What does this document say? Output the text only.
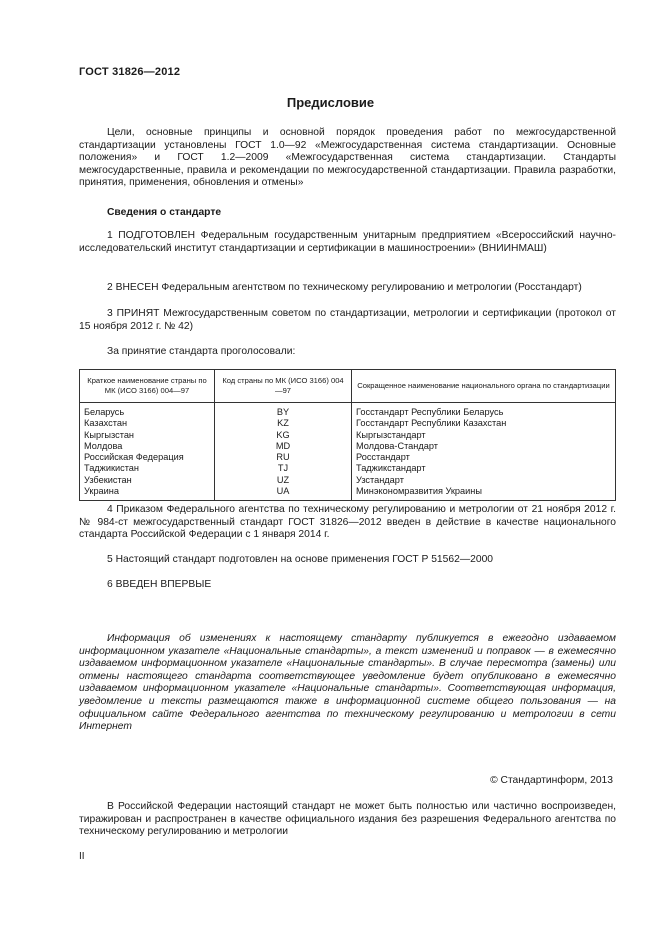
ГОСТ 31826—2012
Предисловие
Цели, основные принципы и основной порядок проведения работ по межгосударственной стандартизации установлены ГОСТ 1.0—92 «Межгосударственная система стандартизации. Основные положения» и ГОСТ 1.2—2009 «Межгосударственная система стандартизации. Стандарты межгосударственные, правила и рекомендации по межгосударственной стандартизации. Правила разработки, принятия, применения, обновления и отмены»
Сведения о стандарте
1 ПОДГОТОВЛЕН Федеральным государственным унитарным предприятием «Всероссийский научно-исследовательский институт стандартизации и сертификации в машиностроении» (ВНИИНМАШ)
2 ВНЕСЕН Федеральным агентством по техническому регулированию и метрологии (Росстандарт)
3 ПРИНЯТ Межгосударственным советом по стандартизации, метрологии и сертификации (протокол от 15 ноября 2012 г. № 42)
За принятие стандарта проголосовали:
Краткое наименование страны по МК (ИСО 3166) 004—97	Код страны по МК (ИСО 3166) 004—97	Сокращенное наименование национального органа по стандартизации
Беларусь	BY	Госстандарт Республики Беларусь
Казахстан	KZ	Госстандарт Республики Казахстан
Кыргызстан	KG	Кыргызстандарт
Молдова	MD	Молдова-Стандарт
Российская Федерация	RU	Росстандарт
Таджикистан	TJ	Таджикстандарт
Узбекистан	UZ	Узстандарт
Украина	UA	Минэкономразвития Украины
4 Приказом Федерального агентства по техническому регулированию и метрологии от 21 ноября 2012 г. № 984-ст межгосударственный стандарт ГОСТ 31826—2012 введен в действие в качестве национального стандарта Российской Федерации с 1 января 2014 г.
5 Настоящий стандарт подготовлен на основе применения ГОСТ Р 51562—2000
6 ВВЕДЕН ВПЕРВЫЕ
Информация об изменениях к настоящему стандарту публикуется в ежегодно издаваемом информационном указателе «Национальные стандарты», а текст изменений и поправок — в ежемесячно издаваемом информационном указателе «Национальные стандарты». В случае пересмотра (замены) или отмены настоящего стандарта соответствующее уведомление будет опубликовано в ежемесячно издаваемом информационном указателе «Национальные стандарты». Соответствующая информация, уведомление и тексты размещаются также в информационной системе общего пользования — на официальном сайте Федерального агентства по техническому регулированию и метрологии в сети Интернет
© Стандартинформ, 2013
В Российской Федерации настоящий стандарт не может быть полностью или частично воспроизведен, тиражирован и распространен в качестве официального издания без разрешения Федерального агентства по техническому регулированию и метрологии
II
